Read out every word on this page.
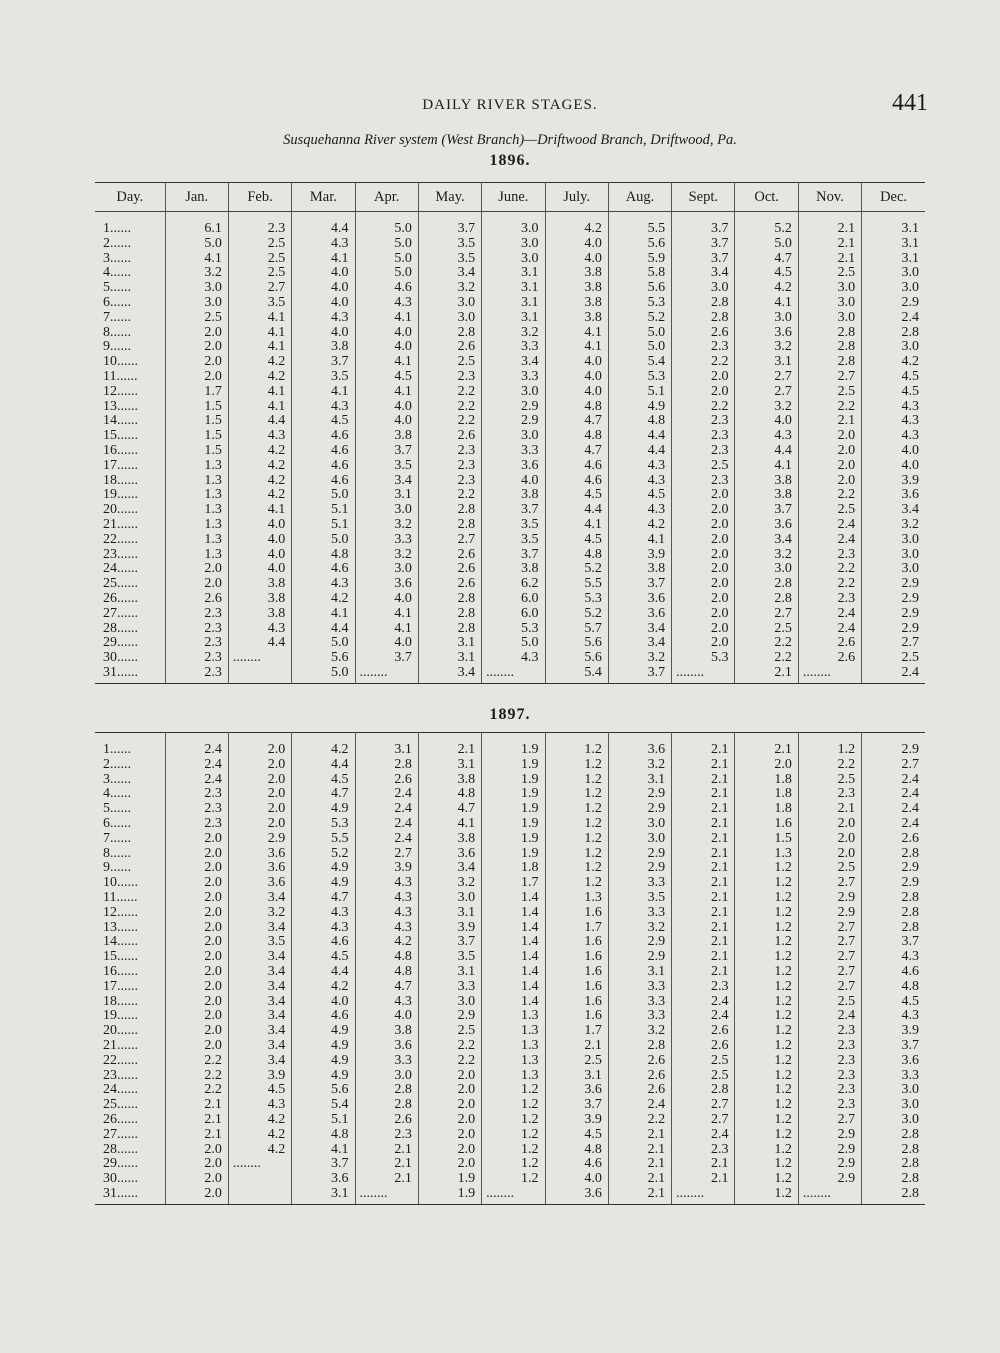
DAILY RIVER STAGES.	441
Susquehanna River system (West Branch)—Driftwood Branch, Driftwood, Pa.
1896.
Day.	Jan.	Feb.	Mar.	Apr.	May.	June.	July.	Aug.	Sept.	Oct.	Nov.	Dec.
1......	6.1	2.3	4.4	5.0	3.7	3.0	4.2	5.5	3.7	5.2	2.1	3.1
2......	5.0	2.5	4.3	5.0	3.5	3.0	4.0	5.6	3.7	5.0	2.1	3.1
3......	4.1	2.5	4.1	5.0	3.5	3.0	4.0	5.9	3.7	4.7	2.1	3.1
4......	3.2	2.5	4.0	5.0	3.4	3.1	3.8	5.8	3.4	4.5	2.5	3.0
5......	3.0	2.7	4.0	4.6	3.2	3.1	3.8	5.6	3.0	4.2	3.0	3.0
6......	3.0	3.5	4.0	4.3	3.0	3.1	3.8	5.3	2.8	4.1	3.0	2.9
7......	2.5	4.1	4.3	4.1	3.0	3.1	3.8	5.2	2.8	3.0	3.0	2.4
8......	2.0	4.1	4.0	4.0	2.8	3.2	4.1	5.0	2.6	3.6	2.8	2.8
9......	2.0	4.1	3.8	4.0	2.6	3.3	4.1	5.0	2.3	3.2	2.8	3.0
10......	2.0	4.2	3.7	4.1	2.5	3.4	4.0	5.4	2.2	3.1	2.8	4.2
11......	2.0	4.2	3.5	4.5	2.3	3.3	4.0	5.3	2.0	2.7	2.7	4.5
12......	1.7	4.1	4.1	4.1	2.2	3.0	4.0	5.1	2.0	2.7	2.5	4.5
13......	1.5	4.1	4.3	4.0	2.2	2.9	4.8	4.9	2.2	3.2	2.2	4.3
14......	1.5	4.4	4.5	4.0	2.2	2.9	4.7	4.8	2.3	4.0	2.1	4.3
15......	1.5	4.3	4.6	3.8	2.6	3.0	4.8	4.4	2.3	4.3	2.0	4.3
16......	1.5	4.2	4.6	3.7	2.3	3.3	4.7	4.4	2.3	4.4	2.0	4.0
17......	1.3	4.2	4.6	3.5	2.3	3.6	4.6	4.3	2.5	4.1	2.0	4.0
18......	1.3	4.2	4.6	3.4	2.3	4.0	4.6	4.3	2.3	3.8	2.0	3.9
19......	1.3	4.2	5.0	3.1	2.2	3.8	4.5	4.5	2.0	3.8	2.2	3.6
20......	1.3	4.1	5.1	3.0	2.8	3.7	4.4	4.3	2.0	3.7	2.5	3.4
21......	1.3	4.0	5.1	3.2	2.8	3.5	4.1	4.2	2.0	3.6	2.4	3.2
22......	1.3	4.0	5.0	3.3	2.7	3.5	4.5	4.1	2.0	3.4	2.4	3.0
23......	1.3	4.0	4.8	3.2	2.6	3.7	4.8	3.9	2.0	3.2	2.3	3.0
24......	2.0	4.0	4.6	3.0	2.6	3.8	5.2	3.8	2.0	3.0	2.2	3.0
25......	2.0	3.8	4.3	3.6	2.6	6.2	5.5	3.7	2.0	2.8	2.2	2.9
26......	2.6	3.8	4.2	4.0	2.8	6.0	5.3	3.6	2.0	2.8	2.3	2.9
27......	2.3	3.8	4.1	4.1	2.8	6.0	5.2	3.6	2.0	2.7	2.4	2.9
28......	2.3	4.3	4.4	4.1	2.8	5.3	5.7	3.4	2.0	2.5	2.4	2.9
29......	2.3	4.4	5.0	4.0	3.1	5.0	5.6	3.4	2.0	2.2	2.6	2.7
30......	2.3	........	5.6	3.7	3.1	4.3	5.6	3.2	5.3	2.2	2.6	2.5
31......	2.3		5.0	........	3.4	........	5.4	3.7	........	2.1	........	2.4
1897.
1......	2.4	2.0	4.2	3.1	2.1	1.9	1.2	3.6	2.1	2.1	1.2	2.9
2......	2.4	2.0	4.4	2.8	3.1	1.9	1.2	3.2	2.1	2.0	2.2	2.7
3......	2.4	2.0	4.5	2.6	3.8	1.9	1.2	3.1	2.1	1.8	2.5	2.4
4......	2.3	2.0	4.7	2.4	4.8	1.9	1.2	2.9	2.1	1.8	2.3	2.4
5......	2.3	2.0	4.9	2.4	4.7	1.9	1.2	2.9	2.1	1.8	2.1	2.4
6......	2.3	2.0	5.3	2.4	4.1	1.9	1.2	3.0	2.1	1.6	2.0	2.4
7......	2.0	2.9	5.5	2.4	3.8	1.9	1.2	3.0	2.1	1.5	2.0	2.6
8......	2.0	3.6	5.2	2.7	3.6	1.9	1.2	2.9	2.1	1.3	2.0	2.8
9......	2.0	3.6	4.9	3.9	3.4	1.8	1.2	2.9	2.1	1.2	2.5	2.9
10......	2.0	3.6	4.9	4.3	3.2	1.7	1.2	3.3	2.1	1.2	2.7	2.9
11......	2.0	3.4	4.7	4.3	3.0	1.4	1.3	3.5	2.1	1.2	2.9	2.8
12......	2.0	3.2	4.3	4.3	3.1	1.4	1.6	3.3	2.1	1.2	2.9	2.8
13......	2.0	3.4	4.3	4.3	3.9	1.4	1.7	3.2	2.1	1.2	2.7	2.8
14......	2.0	3.5	4.6	4.2	3.7	1.4	1.6	2.9	2.1	1.2	2.7	3.7
15......	2.0	3.4	4.5	4.8	3.5	1.4	1.6	2.9	2.1	1.2	2.7	4.3
16......	2.0	3.4	4.4	4.8	3.1	1.4	1.6	3.1	2.1	1.2	2.7	4.6
17......	2.0	3.4	4.2	4.7	3.3	1.4	1.6	3.3	2.3	1.2	2.7	4.8
18......	2.0	3.4	4.0	4.3	3.0	1.4	1.6	3.3	2.4	1.2	2.5	4.5
19......	2.0	3.4	4.6	4.0	2.9	1.3	1.6	3.3	2.4	1.2	2.4	4.3
20......	2.0	3.4	4.9	3.8	2.5	1.3	1.7	3.2	2.6	1.2	2.3	3.9
21......	2.0	3.4	4.9	3.6	2.2	1.3	2.1	2.8	2.6	1.2	2.3	3.7
22......	2.2	3.4	4.9	3.3	2.2	1.3	2.5	2.6	2.5	1.2	2.3	3.6
23......	2.2	3.9	4.9	3.0	2.0	1.3	3.1	2.6	2.5	1.2	2.3	3.3
24......	2.2	4.5	5.6	2.8	2.0	1.2	3.6	2.6	2.8	1.2	2.3	3.0
25......	2.1	4.3	5.4	2.8	2.0	1.2	3.7	2.4	2.7	1.2	2.3	3.0
26......	2.1	4.2	5.1	2.6	2.0	1.2	3.9	2.2	2.7	1.2	2.7	3.0
27......	2.1	4.2	4.8	2.3	2.0	1.2	4.5	2.1	2.4	1.2	2.9	2.8
28......	2.0	4.2	4.1	2.1	2.0	1.2	4.8	2.1	2.3	1.2	2.9	2.8
29......	2.0	........	3.7	2.1	2.0	1.2	4.6	2.1	2.1	1.2	2.9	2.8
30......	2.0		3.6	2.1	1.9	1.2	4.0	2.1	2.1	1.2	2.9	2.8
31......	2.0		3.1	........	1.9	........	3.6	2.1	........	1.2	........	2.8
